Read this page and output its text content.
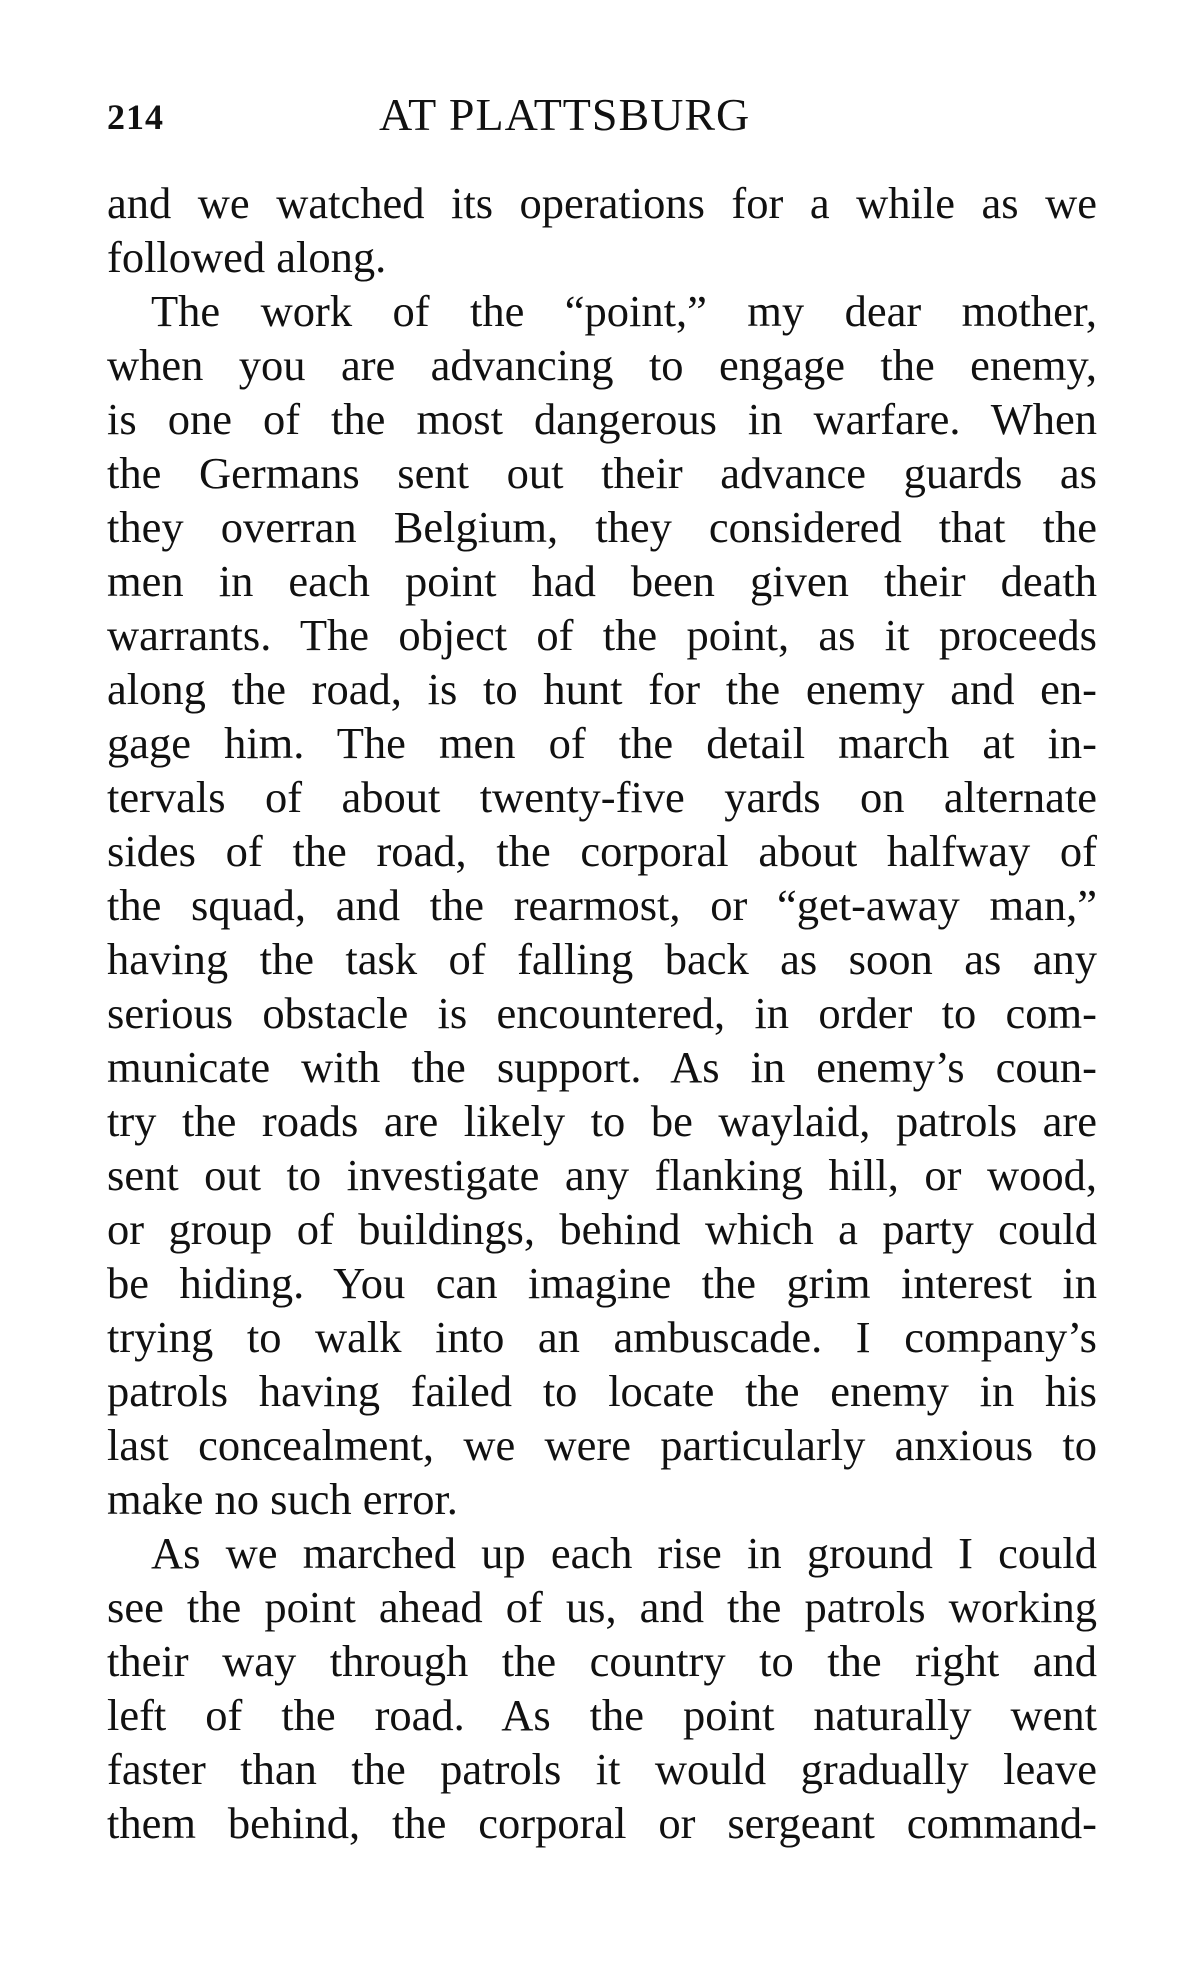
214	AT PLATTSBURG
and we watched its operations for a while as we
followed along.
The work of the “point,” my dear mother,
when you are advancing to engage the enemy,
is one of the most dangerous in warfare. When
the Germans sent out their advance guards as
they overran Belgium, they considered that the
men in each point had been given their death
warrants. The object of the point, as it proceeds
along the road, is to hunt for the enemy and en-
gage him. The men of the detail march at in-
tervals of about twenty-five yards on alternate
sides of the road, the corporal about halfway of
the squad, and the rearmost, or “get-away man,”
having the task of falling back as soon as any
serious obstacle is encountered, in order to com-
municate with the support. As in enemy’s coun-
try the roads are likely to be waylaid, patrols are
sent out to investigate any flanking hill, or wood,
or group of buildings, behind which a party could
be hiding. You can imagine the grim interest in
trying to walk into an ambuscade. I company’s
patrols having failed to locate the enemy in his
last concealment, we were particularly anxious to
make no such error.
As we marched up each rise in ground I could
see the point ahead of us, and the patrols working
their way through the country to the right and
left of the road. As the point naturally went
faster than the patrols it would gradually leave
them behind, the corporal or sergeant command-
